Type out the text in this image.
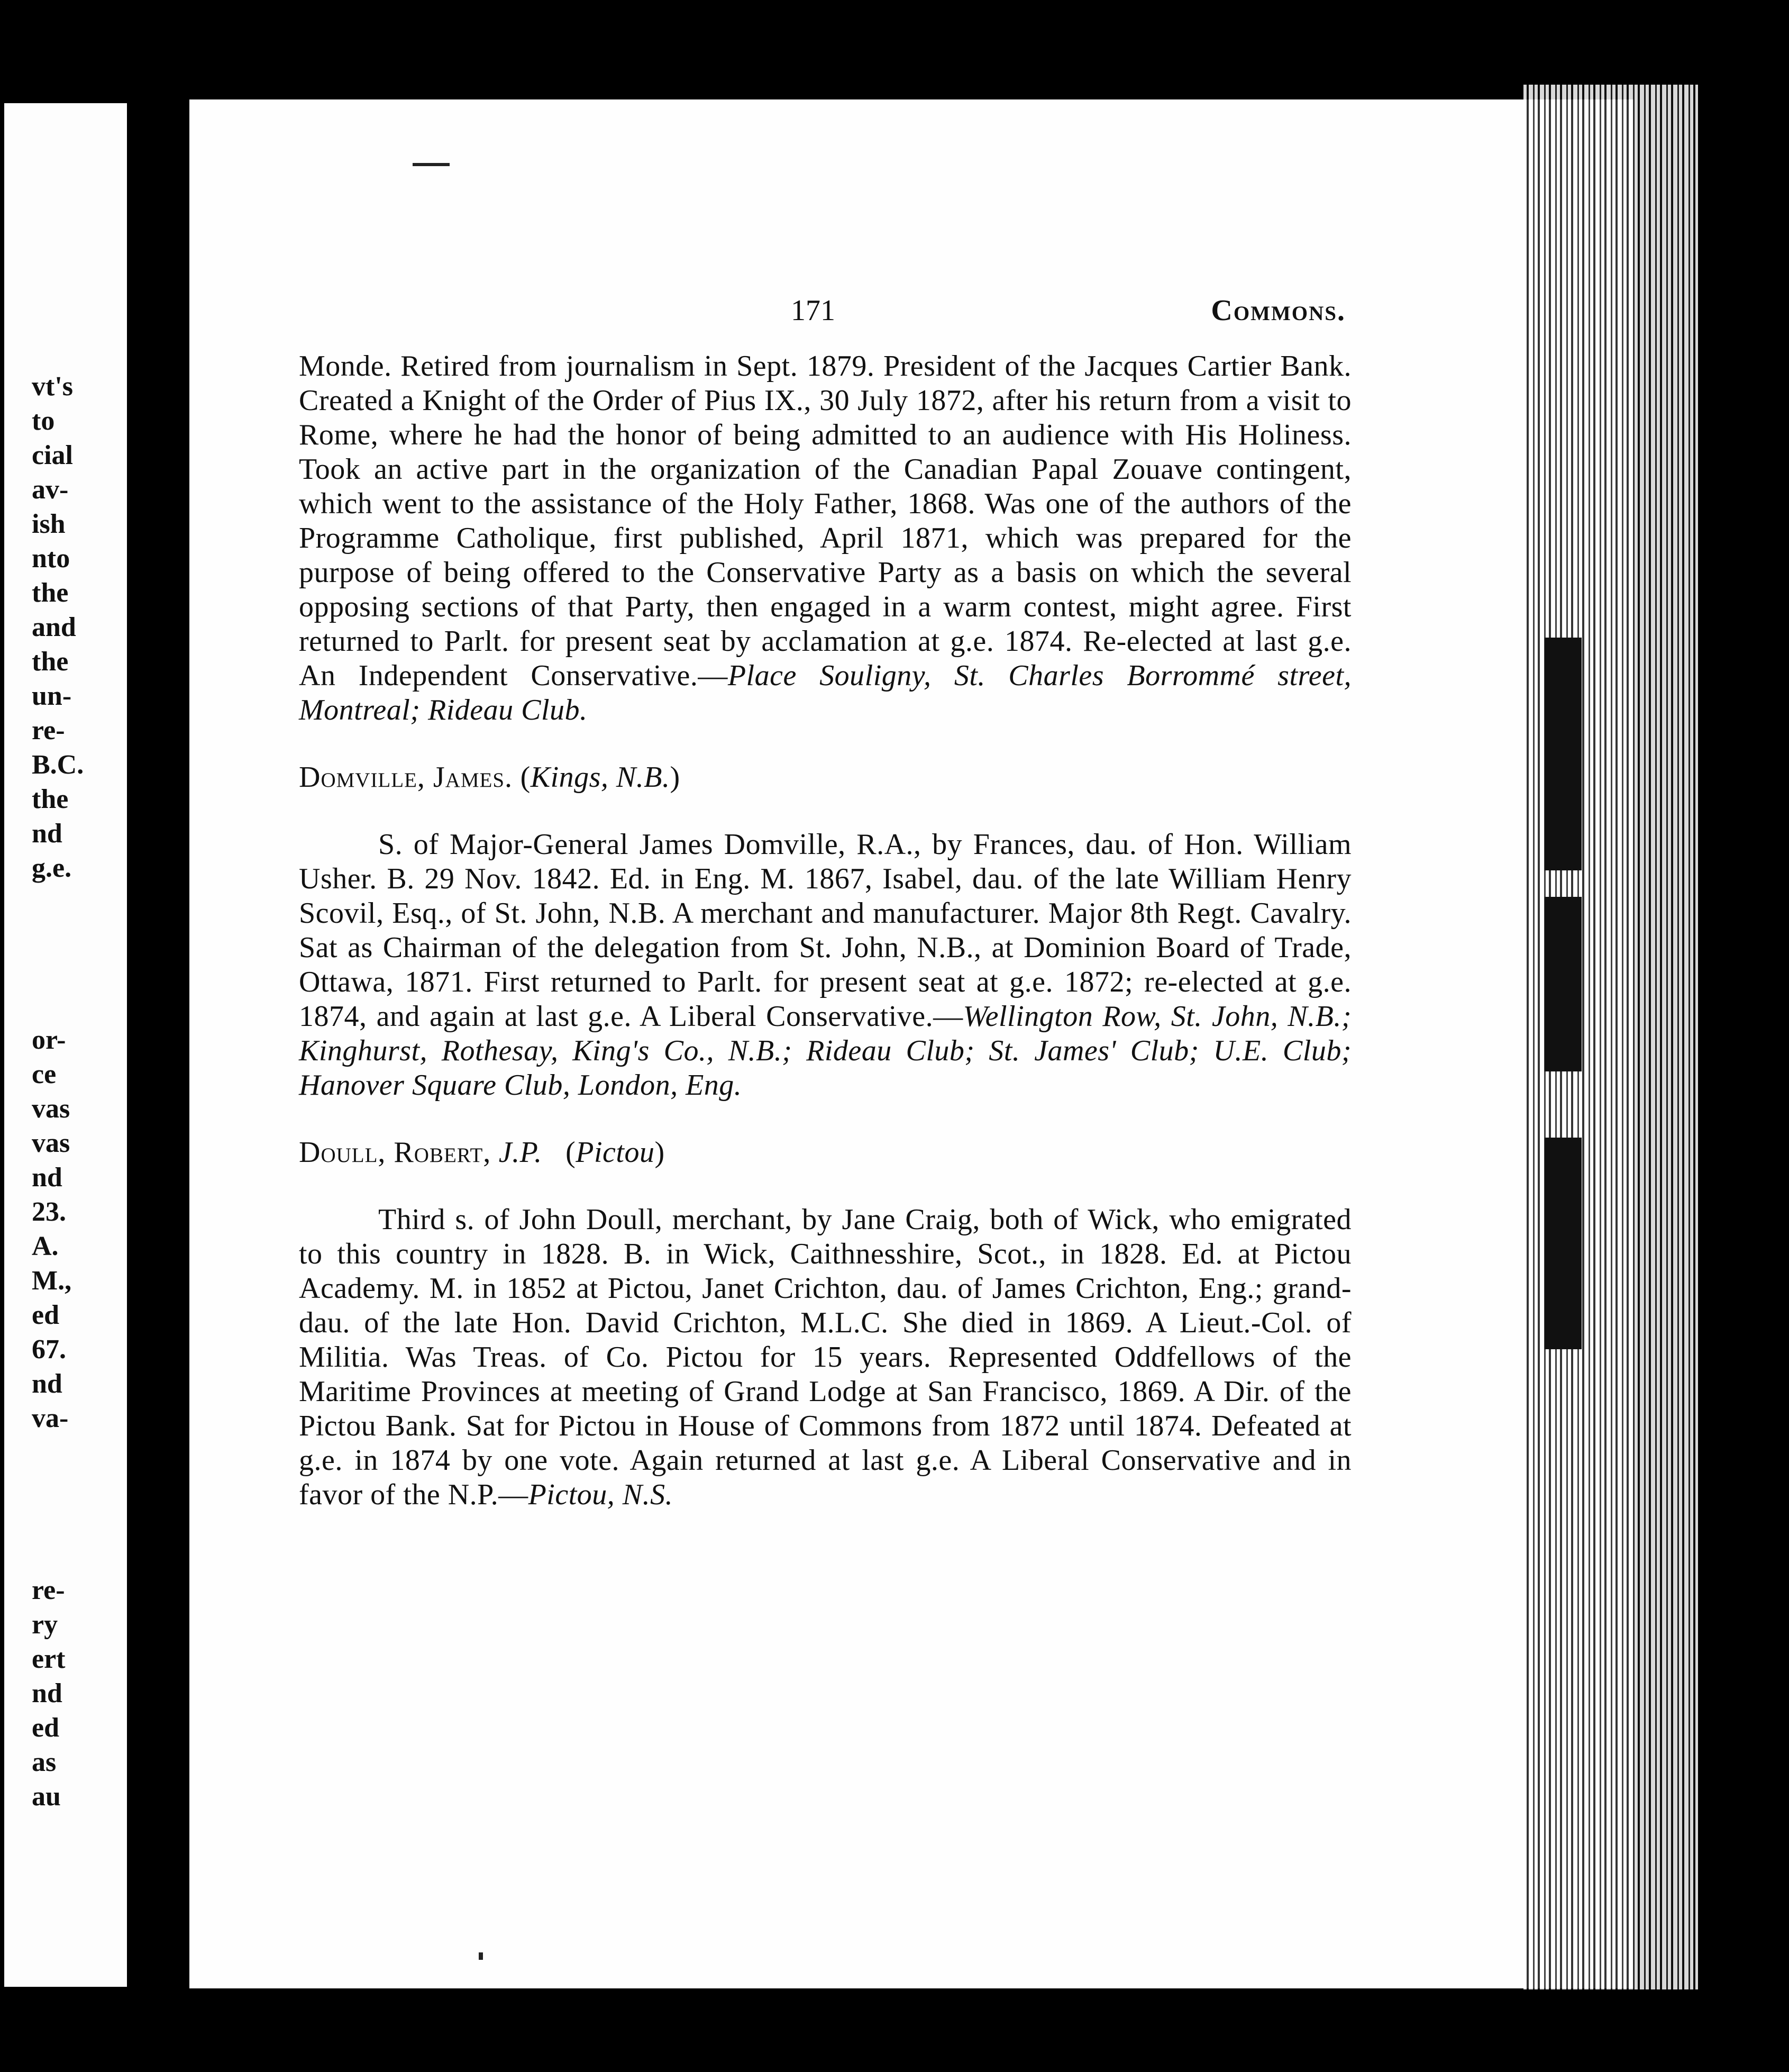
vt's
to
cial
av-
ish
nto
the
and
the
un-
re-
B.C.
the
nd
g.e.
or-
ce
vas
vas
nd
23.
A.
M.,
ed
67.
nd
va-
re-
ry
ert
nd
ed
as
au
171	Commons.

Monde. Retired from journalism in Sept. 1879. President of the Jacques Cartier Bank. Created a Knight of the Order of Pius IX., 30 July 1872, after his return from a visit to Rome, where he had the honor of being admitted to an audience with His Holiness. Took an active part in the organization of the Canadian Papal Zouave contingent, which went to the assistance of the Holy Father, 1868. Was one of the authors of the Programme Catholique, first published, April 1871, which was prepared for the purpose of being offered to the Conservative Party as a basis on which the several opposing sections of that Party, then engaged in a warm contest, might agree. First returned to Parlt. for present seat by acclamation at g.e. 1874. Re-elected at last g.e. An Independent Conservative.—Place Souligny, St. Charles Borrommé street, Montreal; Rideau Club.

Domville, James. (Kings, N.B.)

S. of Major-General James Domville, R.A., by Frances, dau. of Hon. William Usher. B. 29 Nov. 1842. Ed. in Eng. M. 1867, Isabel, dau. of the late William Henry Scovil, Esq., of St. John, N.B. A merchant and manufacturer. Major 8th Regt. Cavalry. Sat as Chairman of the delegation from St. John, N.B., at Dominion Board of Trade, Ottawa, 1871. First returned to Parlt. for present seat at g.e. 1872; re-elected at g.e. 1874, and again at last g.e. A Liberal Conservative.—Wellington Row, St. John, N.B.; Kinghurst, Rothesay, King's Co., N.B.; Rideau Club; St. James' Club; U.E. Club; Hanover Square Club, London, Eng.

Doull, Robert, J.P. (Pictou)

Third s. of John Doull, merchant, by Jane Craig, both of Wick, who emigrated to this country in 1828. B. in Wick, Caithnesshire, Scot., in 1828. Ed. at Pictou Academy. M. in 1852 at Pictou, Janet Crichton, dau. of James Crichton, Eng.; grand-dau. of the late Hon. David Crichton, M.L.C. She died in 1869. A Lieut.-Col. of Militia. Was Treas. of Co. Pictou for 15 years. Represented Oddfellows of the Maritime Provinces at meeting of Grand Lodge at San Francisco, 1869. A Dir. of the Pictou Bank. Sat for Pictou in House of Commons from 1872 until 1874. Defeated at g.e. in 1874 by one vote. Again returned at last g.e. A Liberal Conservative and in favor of the N.P.—Pictou, N.S.
